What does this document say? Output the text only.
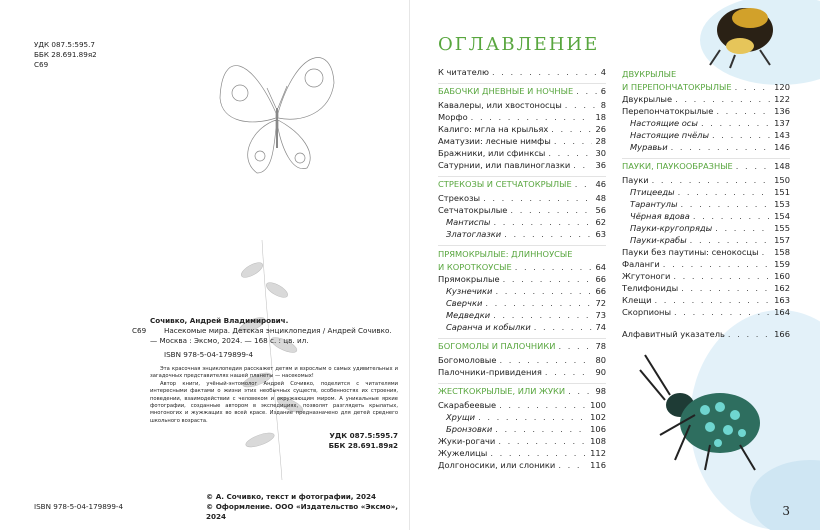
УДК 087.5:595.7
ББК 28.691.89я2
С69
Сочивко, Андрей Владимирович.
С69	Насекомые мира. Детская энциклопедия / Андрей Сочивко. — Москва : Эксмо, 2024. — 168 с. : цв. ил.
ISBN 978-5-04-179899-4

Эта красочная энциклопедия расскажет детям и взрослым о самых удивительных и загадочных представителях нашей планеты — насекомых!

Автор книги, учёный-энтомолог Андрей Сочивко, поделится с читателями интересными фактами о жизни этих необычных существ, особенностях их строения, поведении, взаимодействии с человеком и окружающим миром. А уникальные яркие фотографии, созданные автором в экспедициях, позволят разглядеть крылатых, многоногих и жужжащих во всей красе. Издание предназначено для детей среднего школьного возраста.

УДК 087.5:595.7
ББК 28.691.89я2
© А. Сочивко, текст и фотографии, 2024
© Оформление. ООО «Издательство «Эксмо», 2024
ISBN 978-5-04-179899-4
ОГЛАВЛЕНИЕ
К читателю . . .	4
БАБОЧКИ ДНЕВНЫЕ И НОЧНЫЕ . . .	6
Кавалеры, или хвостоносцы . . .	8
Морфо . . .	18
Калиго: мгла на крыльях . . .	26
Аматузии: лесные нимфы . . .	28
Бражники, или сфинксы . . .	30
Сатурнии, или павлиноглазки . . .	36
СТРЕКОЗЫ И СЕТЧАТОКРЫЛЫЕ . . .	46
Стрекозы . . .	48
Сетчатокрылые . . .	56
Мантиспы . . .	62
Златоглазки . . .	63
ПРЯМОКРЫЛЫЕ: ДЛИННОУСЫЕ
И КОРОТКОУСЫЕ . . .	64
Прямокрылые . . .	66
Кузнечики . . .	66
Сверчки . . .	72
Медведки . . .	73
Саранча и кобылки . . .	74
БОГОМОЛЫ И ПАЛОЧНИКИ . . .	78
Богомоловые . . .	80
Палочники-привидения . . .	90
ЖЕСТКОКРЫЛЫЕ, ИЛИ ЖУКИ . . .	98
Скарабеевые . . .	100
Хрущи . . .	102
Бронзовки . . .	106
Жуки-рогачи . . .	108
Жужелицы . . .	112
Долгоносики, или слоники . . .	116
ДВУКРЫЛЫЕ
И ПЕРЕПОНЧАТОКРЫЛЫЕ . . .	120
Двукрылые . . .	122
Перепончатокрылые . . .	136
Настоящие осы . . .	137
Настоящие пчёлы . . .	143
Муравьи . . .	146
ПАУКИ, ПАУКООБРАЗНЫЕ . . .	148
Пауки . . .	150
Птицееды . . .	151
Тарантулы . . .	153
Чёрная вдова . . .	154
Пауки-кругопряды . . .	155
Пауки-крабы . . .	157
Пауки без паутины: сенокосцы . . . 158
Фаланги . . .	159
Жгутоноги . . .	160
Телифониды . . .	162
Клещи . . .	163
Скорпионы . . .	164
Алфавитный указатель . . .	166
3
